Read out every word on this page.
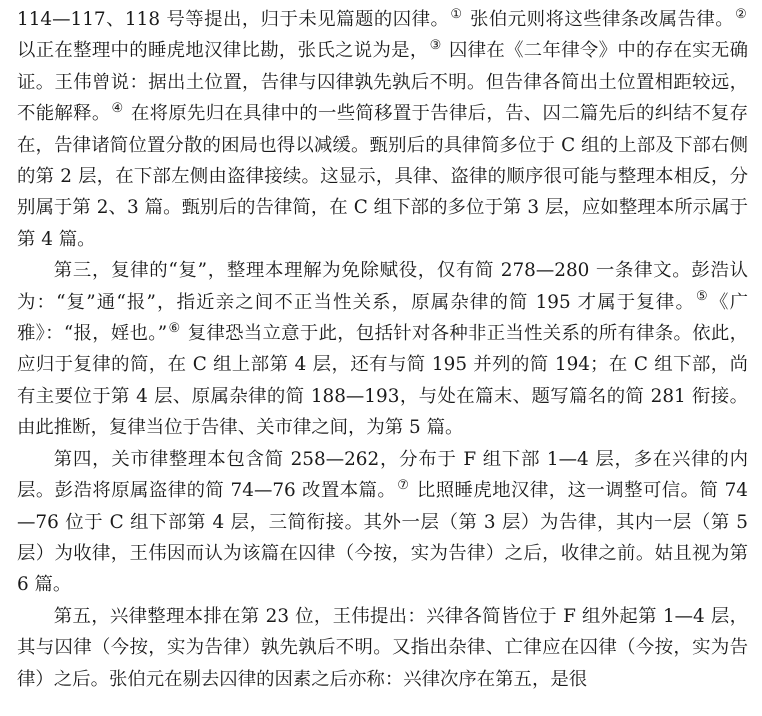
114—117、118 号等提出，归于未见篇题的囚律。① 张伯元则将这些律条改属告律。② 以正在整理中的睡虎地汉律比勘，张氏之说为是，③ 囚律在《二年律令》中的存在实无确证。王伟曾说：据出土位置，告律与囚律孰先孰后不明。但告律各简出土位置相距较远，不能解释。④ 在将原先归在具律中的一些简移置于告律后，告、囚二篇先后的纠结不复存在，告律诸简位置分散的困局也得以减缓。甄别后的具律简多位于 C 组的上部及下部右侧的第 2 层，在下部左侧由盗律接续。这显示，具律、盗律的顺序很可能与整理本相反，分别属于第 2、3 篇。甄别后的告律简，在 C 组下部的多位于第 3 层，应如整理本所示属于第 4 篇。

第三，复律的“复”，整理本理解为免除赋役，仅有简 278—280 一条律文。彭浩认为：“复”通“报”，指近亲之间不正当性关系，原属杂律的简 195 才属于复律。⑤《广雅》：“报，婬也。”⑥ 复律恐当立意于此，包括针对各种非正当性关系的所有律条。依此，应归于复律的简，在 C 组上部第 4 层，还有与简 195 并列的简 194；在 C 组下部，尚有主要位于第 4 层、原属杂律的简 188—193，与处在篇末、题写篇名的简 281 衔接。由此推断，复律当位于告律、关市律之间，为第 5 篇。

第四，关市律整理本包含简 258—262，分布于 F 组下部 1—4 层，多在兴律的内层。彭浩将原属盗律的简 74—76 改置本篇。⑦ 比照睡虎地汉律，这一调整可信。简 74—76 位于 C 组下部第 4 层，三简衔接。其外一层（第 3 层）为告律，其内一层（第 5 层）为收律，王伟因而认为该篇在囚律（今按，实为告律）之后，收律之前。姑且视为第 6 篇。

第五，兴律整理本排在第 23 位，王伟提出：兴律各简皆位于 F 组外起第 1—4 层，其与囚律（今按，实为告律）孰先孰后不明。又指出杂律、亡律应在囚律（今按，实为告律）之后。张伯元在剔去囚律的因素之后亦称：兴律次序在第五，是很
